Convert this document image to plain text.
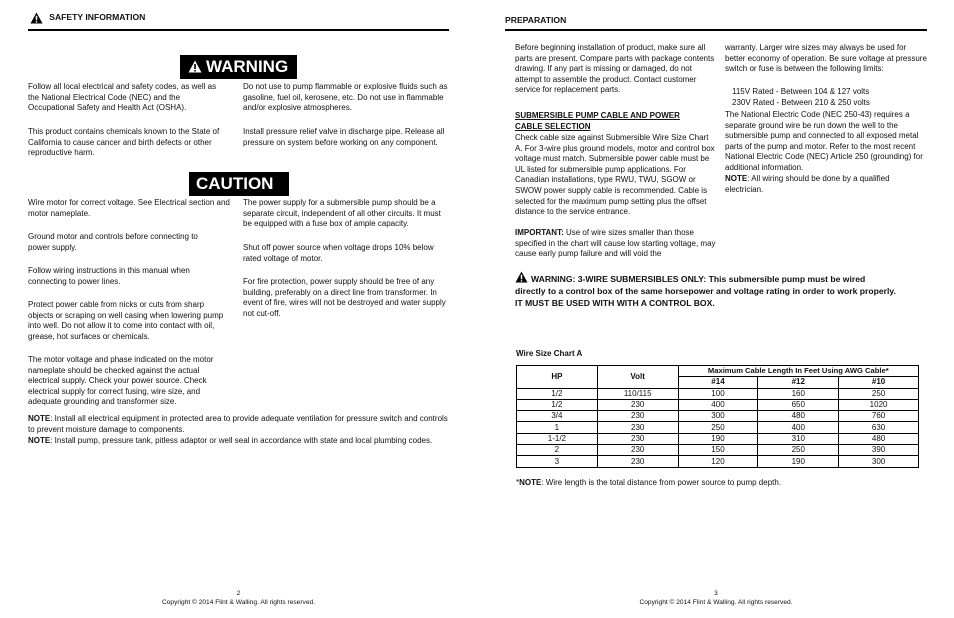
SAFETY INFORMATION
WARNING

Follow all local electrical and safety codes, as well as the National Electrical Code (NEC) and the Occupational Safety and Health Act (OSHA).

This product contains chemicals known to the State of California to cause cancer and birth defects or other reproductive harm.

Do not use to pump flammable or explosive fluids such as gasoline, fuel oil, kerosene, etc. Do not use in flammable and/or explosive atmospheres.

Install pressure relief valve in discharge pipe. Release all pressure on system before working on any component.

CAUTION

Wire motor for correct voltage. See Electrical section and motor nameplate.

Ground motor and controls before connecting to power supply.

Follow wiring instructions in this manual when connecting to power lines.

Protect power cable from nicks or cuts from sharp objects or scraping on well casing when lowering pump into well. Do not allow it to come into contact with oil, grease, hot surfaces or chemicals.

The motor voltage and phase indicated on the motor nameplate should be checked against the actual electrical supply. Check your power source. Check electrical supply for correct fusing, wire size, and adequate grounding and transformer size.

The power supply for a submersible pump should be a separate circuit, independent of all other circuits. It must be equipped with a fuse box of ample capacity.

Shut off power source when voltage drops 10% below rated voltage of motor.

For fire protection, power supply should be free of any building, preferably on a direct line from transformer. In event of fire, wires will not be destroyed and water supply not cut-off.

NOTE: Install all electrical equipment in protected area to provide adequate ventilation for pressure switch and controls to prevent moisture damage to components.

NOTE: Install pump, pressure tank, pitless adaptor or well seal in accordance with state and local plumbing codes.

2
Copyright © 2014 Flint & Walling. All rights reserved.
PREPARATION

Before beginning installation of product, make sure all parts are present. Compare parts with package contents drawing. If any part is missing or damaged, do not attempt to assemble the product. Contact customer service for replacement parts.

SUBMERSIBLE PUMP CABLE AND POWER
CABLE SELECTION

Check cable size against Submersible Wire Size Chart A. For 3-wire plus ground models, motor and control box voltage must match. Submersible power cable must be UL listed for submersible pump applications. For Canadian installations, type RWU, TWU, SGOW or SWOW power supply cable is recommended. Cable is selected for the maximum pump setting plus the offset distance to the service entrance.

IMPORTANT: Use of wire sizes smaller than those specified in the chart will cause low starting voltage, may cause early pump failure and will void the

warranty. Larger wire sizes may always be used for better economy of operation. Be sure voltage at pressure switch or fuse is between the following limits:

115V Rated - Between 104 & 127 volts

230V Rated - Between 210 & 250 volts

The National Electric Code (NEC 250-43) requires a separate ground wire be run down the well to the submersible pump and connected to all exposed metal parts of the pump and motor. Refer to the most recent National Electric Code (NEC) Article 250 (grounding) for additional information.

NOTE: All wiring should be done by a qualified electrician.

WARNING: 3-WIRE SUBMERSIBLES ONLY: This submersible pump must be wired
directly to a control box of the same horsepower and voltage rating in order to work properly.
IT MUST BE USED WITH WITH A CONTROL BOX.
Wire Size Chart A
HP	Volt	Maximum Cable Length In Feet Using AWG Cable*		
		#14	#12	#10
1/2	110/115	100	160	250
1/2	230	400	650	1020
3/4	230	300	480	760
1	230	250	400	630
1-1/2	230	190	310	480
2	230	150	250	390
3	230	120	190	300

*NOTE: Wire length is the total distance from power source to pump depth.

3
Copyright © 2014 Flint & Walling. All rights reserved.
